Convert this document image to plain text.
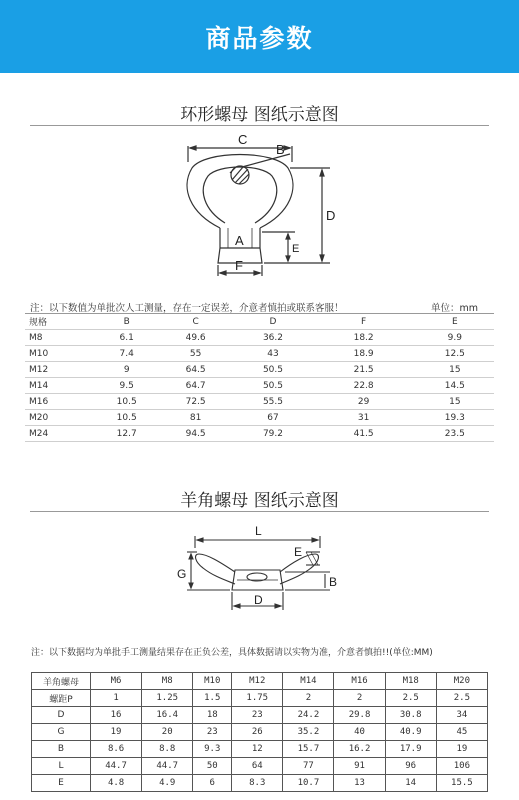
商品参数
环形螺母 图纸示意图
C
B
D
A
E
F
注：以下数值为单批次人工测量，存在一定误差，介意者慎拍或联系客服！	单位：mm
规格	B	C	D	F	E
M8	6.1	49.6	36.2	18.2	9.9
M10	7.4	55	43	18.9	12.5
M12	9	64.5	50.5	21.5	15
M14	9.5	64.7	50.5	22.8	14.5
M16	10.5	72.5	55.5	29	15
M20	10.5	81	67	31	19.3
M24	12.7	94.5	79.2	41.5	23.5
羊角螺母 图纸示意图
L
E
G
B
D
注：以下数据均为单批手工测量结果存在正负公差，具体数据请以实物为准，介意者慎拍!!(单位:MM)
羊角螺母	M6	M8	M10	M12	M14	M16	M18	M20
螺距P	1	1.25	1.5	1.75	2	2	2.5	2.5
D	16	16.4	18	23	24.2	29.8	30.8	34
G	19	20	23	26	35.2	40	40.9	45
B	8.6	8.8	9.3	12	15.7	16.2	17.9	19
L	44.7	44.7	50	64	77	91	96	106
E	4.8	4.9	6	8.3	10.7	13	14	15.5
